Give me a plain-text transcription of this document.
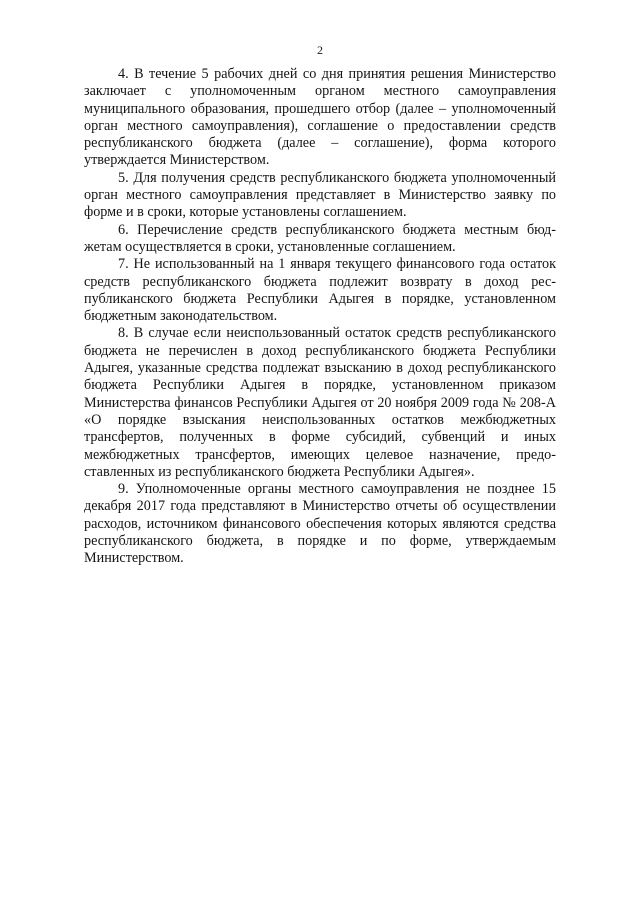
2

4. В течение 5 рабочих дней со дня принятия решения Министерство заключает с уполномоченным органом местного самоуправления муниципального образования, прошедшего отбор (далее – уполномоченный орган местного самоуправления), соглашение о предоставлении средств республиканского бюджета (далее – соглашение), форма которого утверждается Министерством.

5. Для получения средств республиканского бюджета уполномоченный орган местного самоуправления представляет в Министерство заявку по форме и в сроки, которые установлены соглашением.

6. Перечисление средств республиканского бюджета местным бюджетам осуществляется в сроки, установленные соглашением.

7. Не использованный на 1 января текущего финансового года остаток средств республиканского бюджета подлежит возврату в доход республиканского бюджета Республики Адыгея в порядке, установленном бюджетным законодательством.

8. В случае если неиспользованный остаток средств республиканского бюджета не перечислен в доход республиканского бюджета Республики Адыгея, указанные средства подлежат взысканию в доход республиканского бюджета Республики Адыгея в порядке, установленном приказом Министерства финансов Республики Адыгея от 20 ноября 2009 года № 208-А «О порядке взыскания неиспользованных остатков межбюджетных трансфертов, полученных в форме субсидий, субвенций и иных межбюджетных трансфертов, имеющих целевое назначение, предоставленных из республиканского бюджета Республики Адыгея».

9. Уполномоченные органы местного самоуправления не позднее 15 декабря 2017 года представляют в Министерство отчеты об осуществлении расходов, источником финансового обеспечения которых являются средства республиканского бюджета, в порядке и по форме, утверждаемым Министерством.
